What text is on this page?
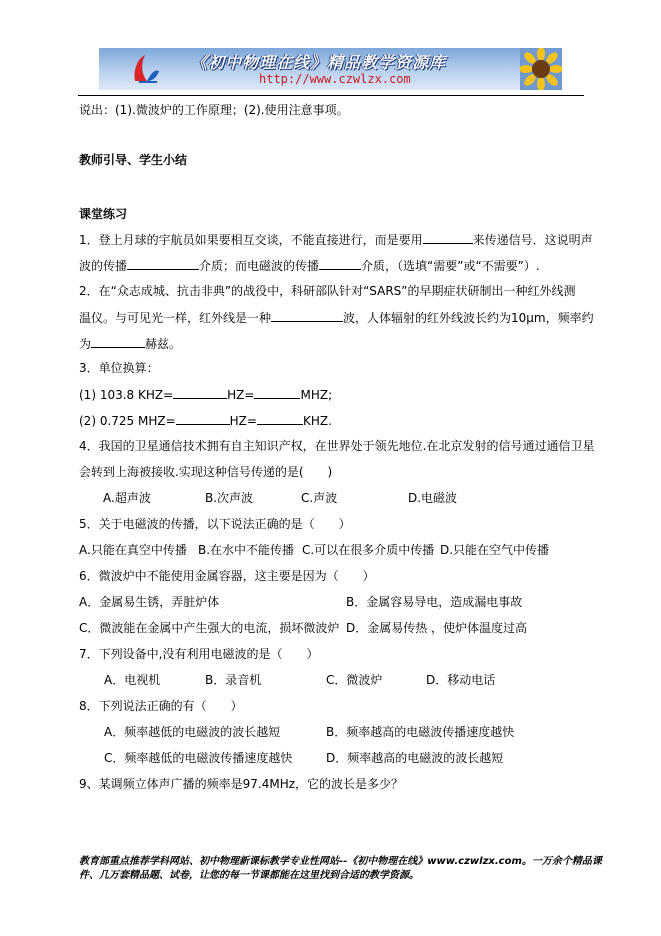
《初中物理在线》精品教学资源库
http://www.czwlzx.com
说出：(1).微波炉的工作原理；(2).使用注意事项。
教师引导、学生小结
课堂练习
1．登上月球的宇航员如果要相互交谈，不能直接进行，而是要用	来传递信号．这说明声
波的传播	介质；而电磁波的传播	介质，（选填“需要”或“不需要”）.
2．在“众志成城、抗击非典”的战役中，科研部队针对“SARS”的早期症状研制出一种红外线测
温仪。与可见光一样，红外线是一种	波，人体辐射的红外线波长约为10μm，频率约
为	赫兹。
3．单位换算：
(1) 103.8 KHZ=	HZ=	MHZ;
(2) 0.725 MHZ=	HZ=	KHZ.
4．我国的卫星通信技术拥有自主知识产权，在世界处于领先地位.在北京发射的信号通过通信卫星
会转到上海被接收.实现这种信号传递的是(　　)
A.超声波	B.次声波	C.声波	D.电磁波
5．关于电磁波的传播，以下说法正确的是（　　）
A.只能在真空中传播 B.在水中不能传播 C.可以在很多介质中传播 D.只能在空气中传播
6．微波炉中不能使用金属容器，这主要是因为（　　）
A．金属易生锈，弄脏炉体	B．金属容易导电，造成漏电事故
C．微波能在金属中产生强大的电流，损坏微波炉 D．金属易传热 ，使炉体温度过高
7．下列设备中,没有利用电磁波的是（　　）
A．电视机	B．录音机	C．微波炉	D．移动电话
8．下列说法正确的有（　　）
A．频率越低的电磁波的波长越短	B．频率越高的电磁波传播速度越快
C．频率越低的电磁波传播速度越快	D．频率越高的电磁波的波长越短
9、某调频立体声广播的频率是97.4MHz，它的波长是多少？
教育部重点推荐学科网站、初中物理新课标教学专业性网站--《初中物理在线》www.czwlzx.com。一万余个精品课
件、几万套精品题、试卷，让您的每一节课都能在这里找到合适的教学资源。
